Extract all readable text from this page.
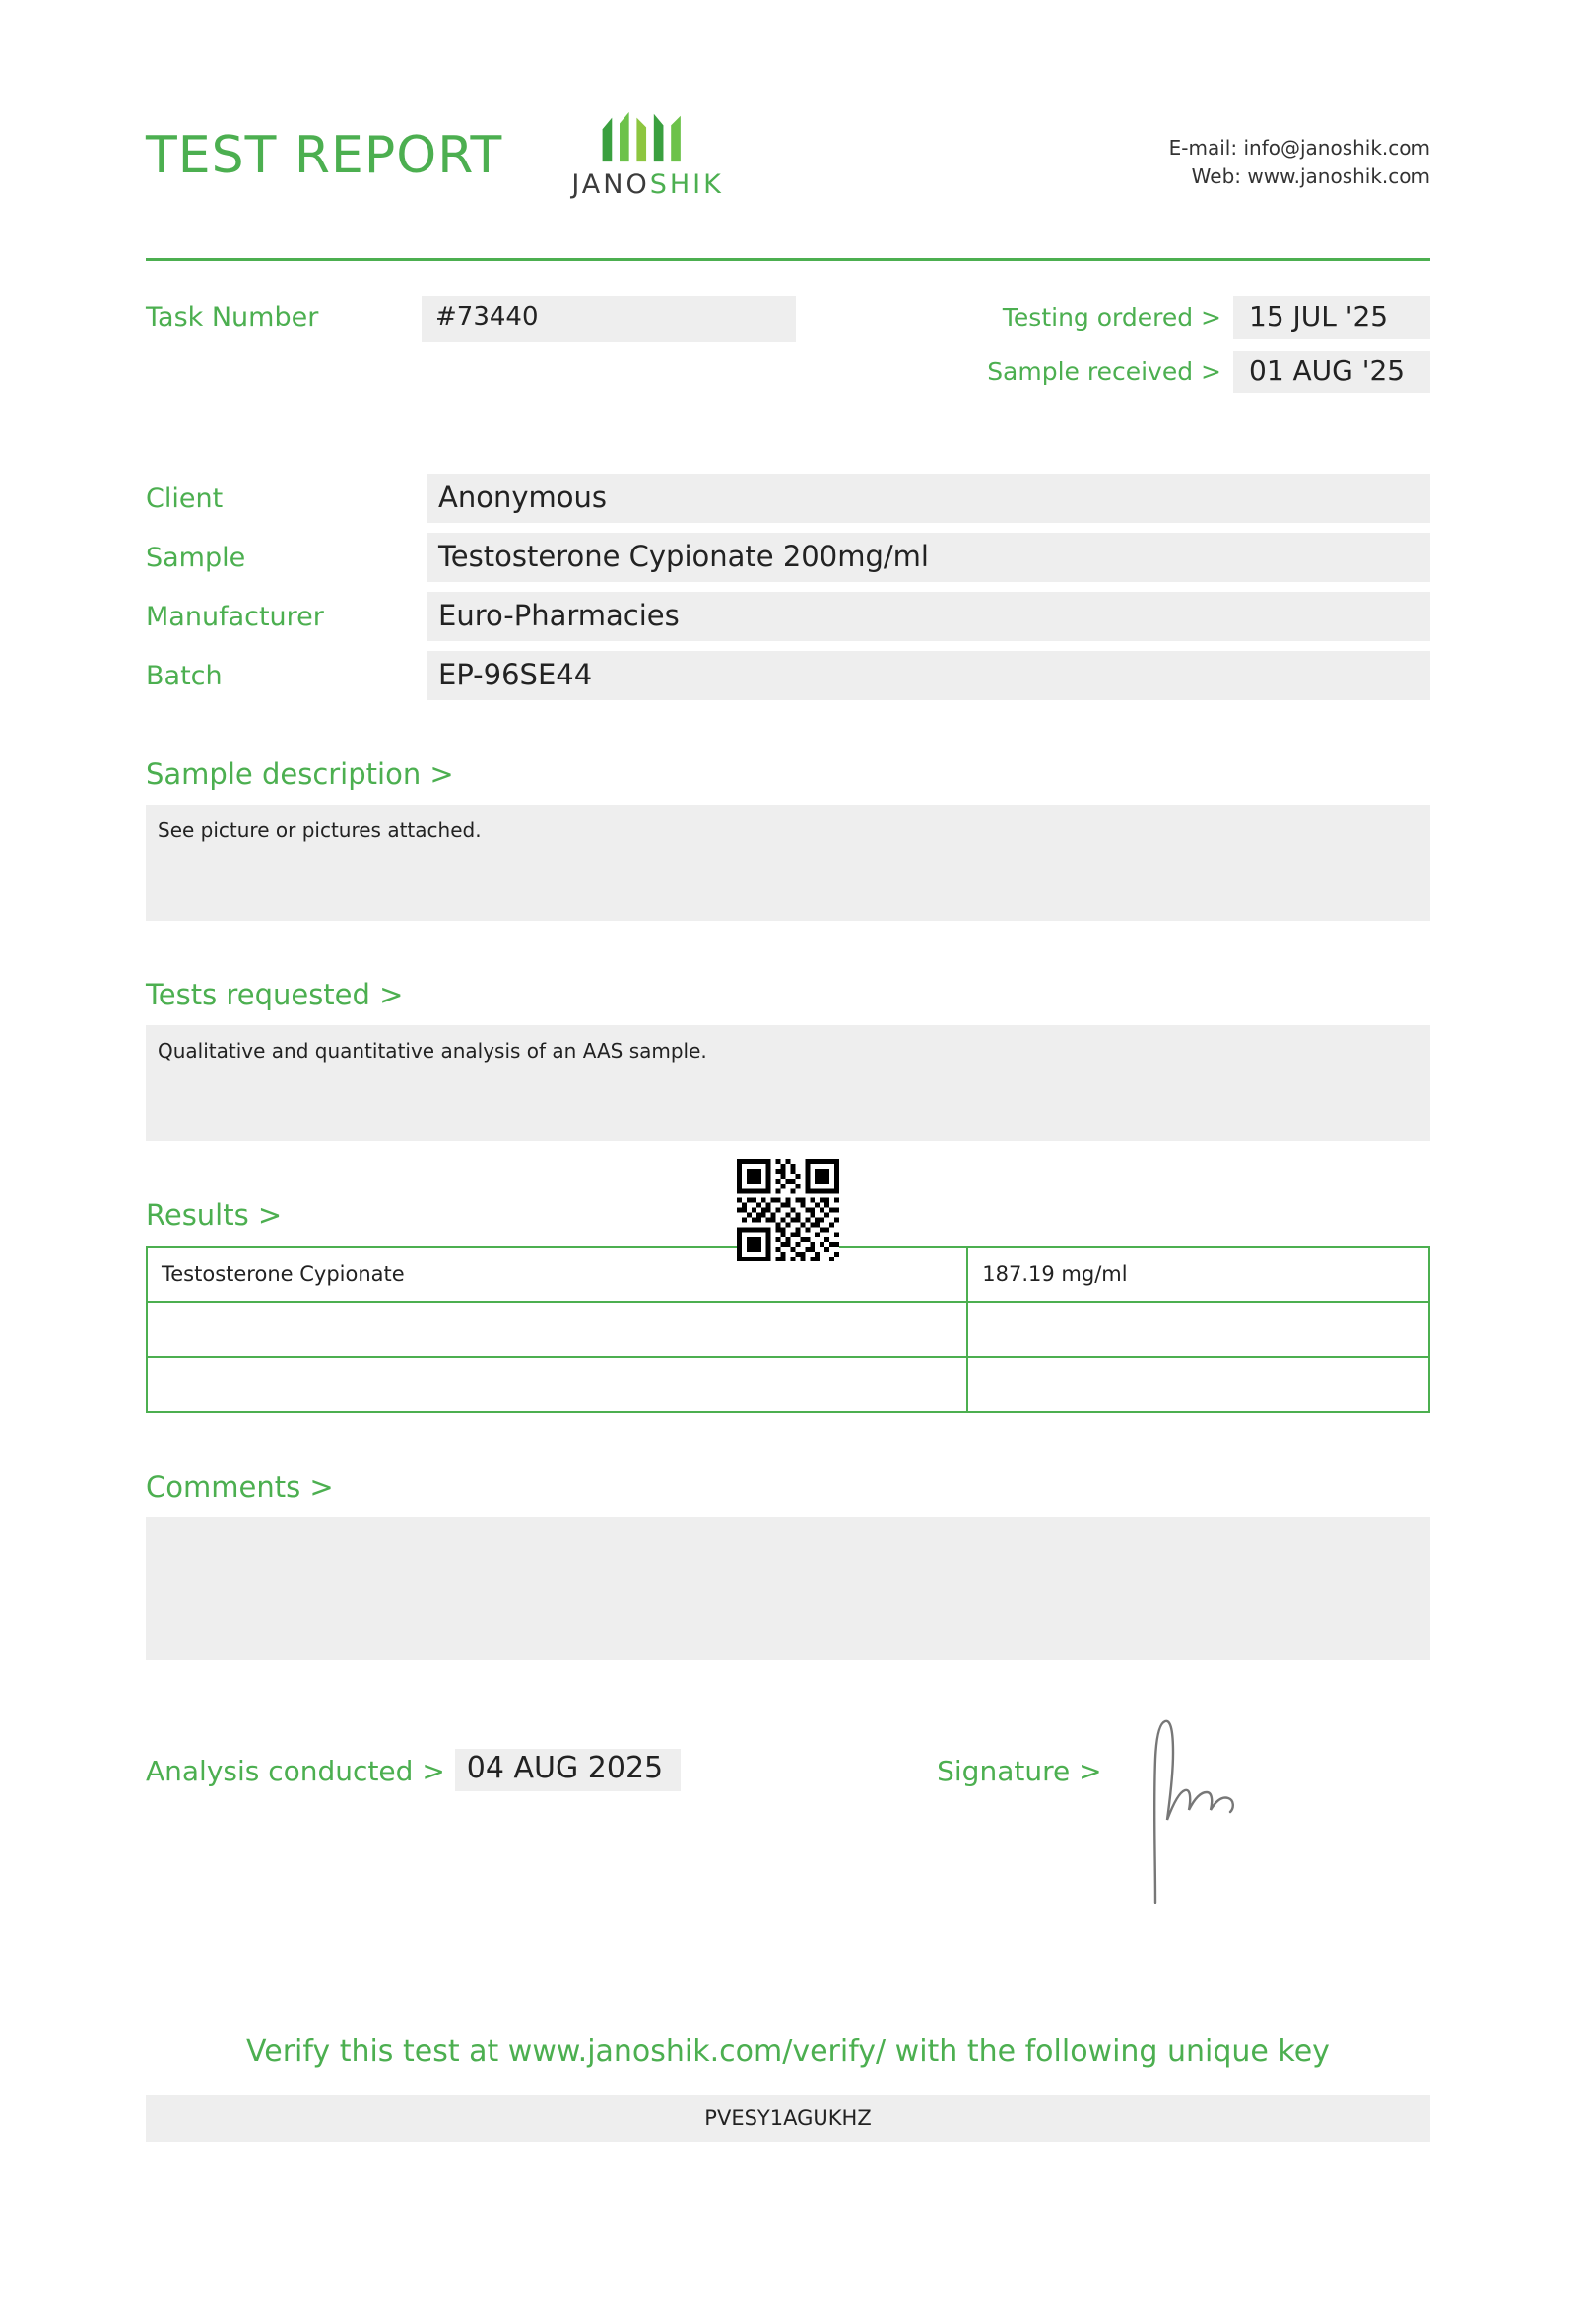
TEST REPORT	JANOSHIK
E-mail: info@janoshik.com
Web: www.janoshik.com
Task Number	#73440	Testing ordered >	15 JUL '25
Sample received >	01 AUG '25
Client	Anonymous
Sample	Testosterone Cypionate 200mg/ml
Manufacturer	Euro-Pharmacies
Batch	EP-96SE44
Sample description >
See picture or pictures attached.
Tests requested >
Qualitative and quantitative analysis of an AAS sample.
Results >
Testosterone Cypionate	187.19 mg/ml

Comments >
Analysis conducted > 04 AUG 2025	Signature >
Verify this test at www.janoshik.com/verify/ with the following unique key
PVESY1AGUKHZ
